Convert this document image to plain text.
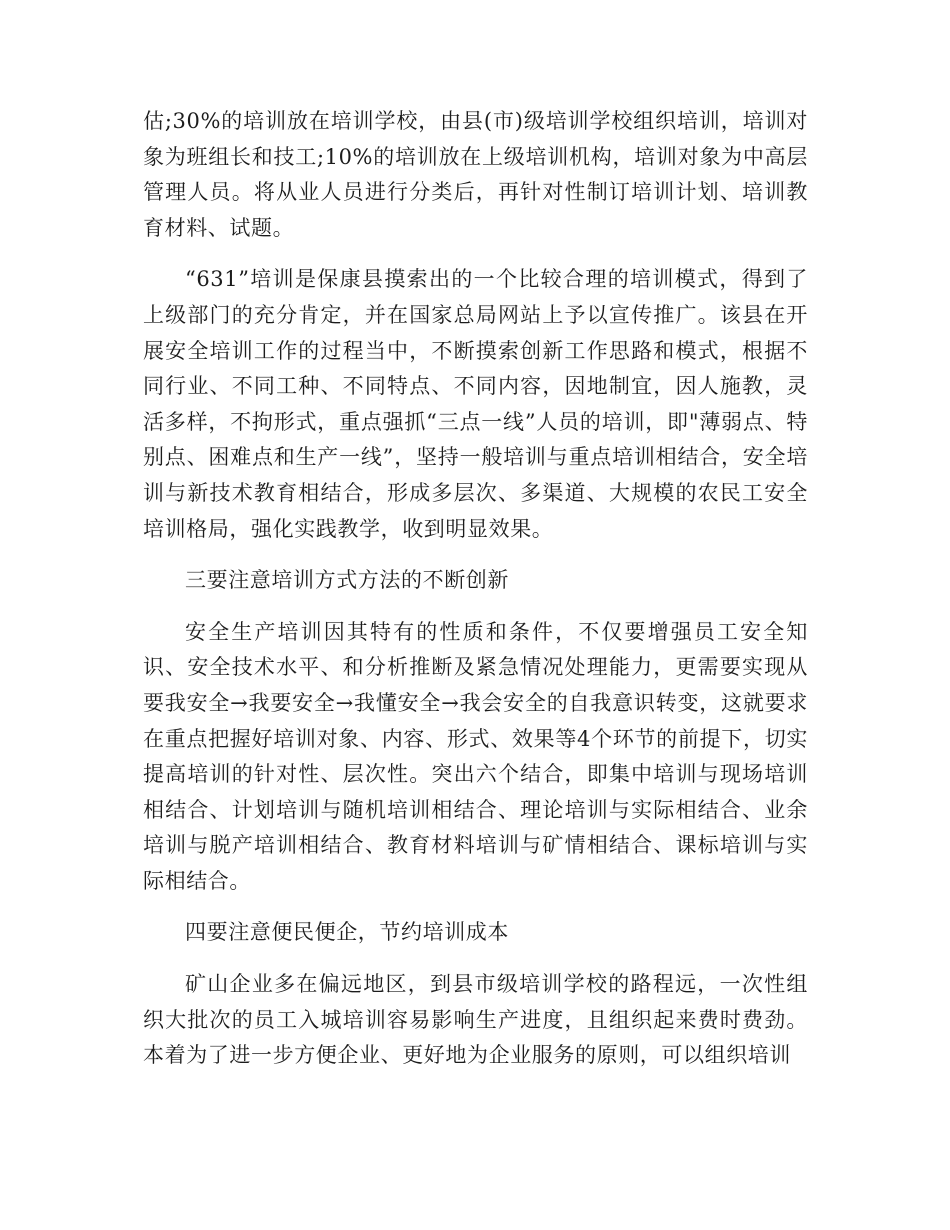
估;30%的培训放在培训学校，由县(市)级培训学校组织培训，培训对象为班组长和技工;10%的培训放在上级培训机构，培训对象为中高层管理人员。将从业人员进行分类后，再针对性制订培训计划、培训教育材料、试题。

“631”培训是保康县摸索出的一个比较合理的培训模式，得到了上级部门的充分肯定，并在国家总局网站上予以宣传推广。该县在开展安全培训工作的过程当中，不断摸索创新工作思路和模式，根据不同行业、不同工种、不同特点、不同内容，因地制宜，因人施教，灵活多样，不拘形式，重点强抓“三点一线”人员的培训，即"薄弱点、特别点、困难点和生产一线”，坚持一般培训与重点培训相结合，安全培训与新技术教育相结合，形成多层次、多渠道、大规模的农民工安全培训格局，强化实践教学，收到明显效果。

三要注意培训方式方法的不断创新

安全生产培训因其特有的性质和条件，不仅要增强员工安全知识、安全技术水平、和分析推断及紧急情况处理能力，更需要实现从要我安全→我要安全→我懂安全→我会安全的自我意识转变，这就要求在重点把握好培训对象、内容、形式、效果等4个环节的前提下，切实提高培训的针对性、层次性。突出六个结合，即集中培训与现场培训相结合、计划培训与随机培训相结合、理论培训与实际相结合、业余培训与脱产培训相结合、教育材料培训与矿情相结合、课标培训与实际相结合。

四要注意便民便企，节约培训成本

矿山企业多在偏远地区，到县市级培训学校的路程远，一次性组织大批次的员工入城培训容易影响生产进度，且组织起来费时费劲。本着为了进一步方便企业、更好地为企业服务的原则，可以组织培训
